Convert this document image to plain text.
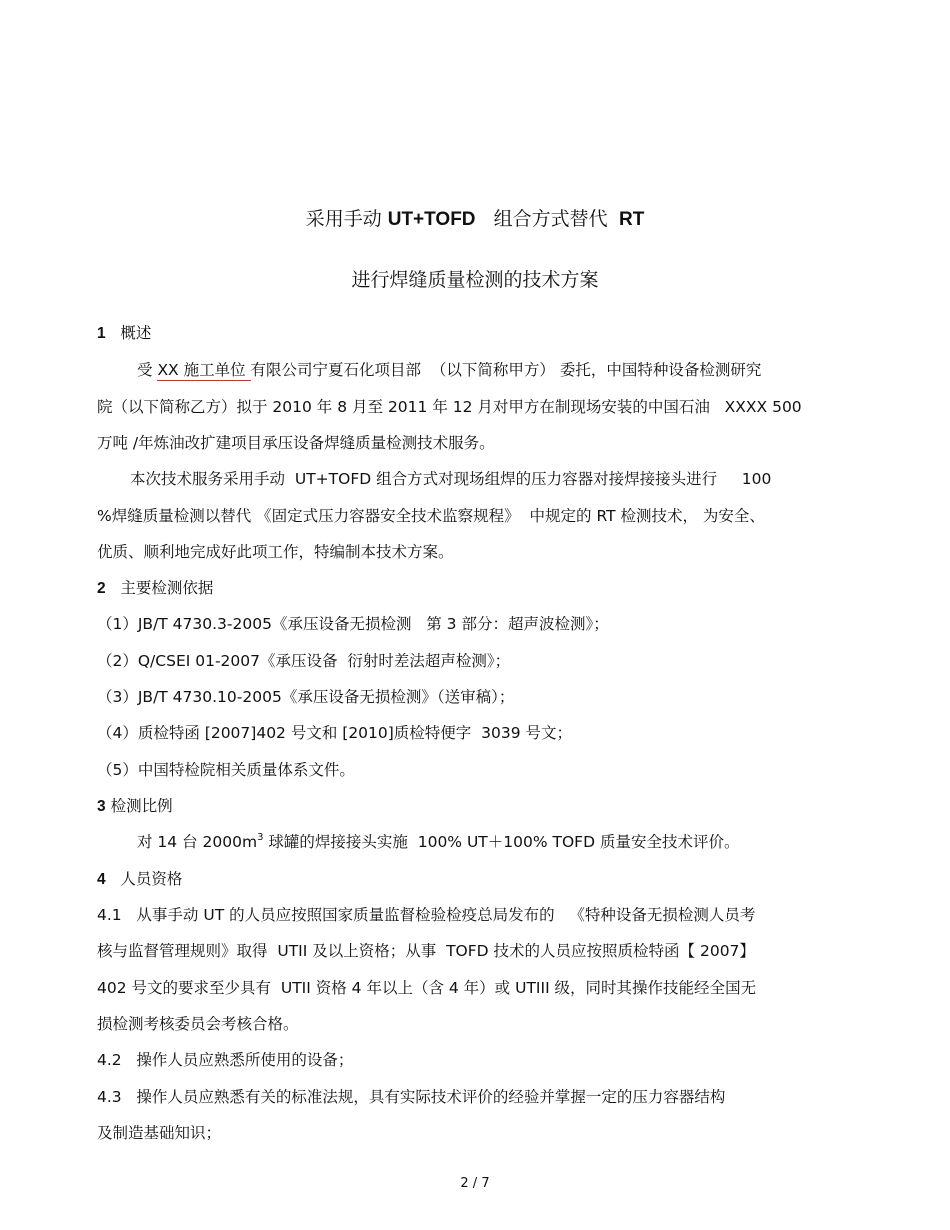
采用手动 UT+TOFD   组合方式替代  RT
进行焊缝质量检测的技术方案
1 概述
受 XX 施工单位 有限公司宁夏石化项目部  （以下简称甲方） 委托，中国特种设备检测研究
院（以下简称乙方）拟于 2010 年 8 月至 2011 年 12 月对甲方在制现场安装的中国石油   XXXX 500
万吨 /年炼油改扩建项目承压设备焊缝质量检测技术服务。
本次技术服务采用手动  UT+TOFD 组合方式对现场组焊的压力容器对接焊接接头进行     100
%焊缝质量检测以替代 《固定式压力容器安全技术监察规程》  中规定的 RT 检测技术， 为安全、
优质、顺利地完成好此项工作，特编制本技术方案。
2 主要检测依据
（1）JB/T 4730.3-2005《承压设备无损检测   第 3 部分：超声波检测》；
（2）Q/CSEI 01-2007《承压设备  衍射时差法超声检测》；
（3）JB/T 4730.10-2005《承压设备无损检测》（送审稿）；
（4）质检特函 [2007]402 号文和 [2010]质检特便字  3039 号文；
（5）中国特检院相关质量体系文件。
3 检测比例
对 14 台 $2000m^3$ 球罐的焊接接头实施  100% UT＋100% TOFD 质量安全技术评价。
4 人员资格
4.1   从事手动 UT 的人员应按照国家质量监督检验检疫总局发布的   《特种设备无损检测人员考
核与监督管理规则》取得  UTII 及以上资格；从事  TOFD 技术的人员应按照质检特函【 2007】
402 号文的要求至少具有  UTII 资格 4 年以上（含 4 年）或 UTIII 级，同时其操作技能经全国无
损检测考核委员会考核合格。
4.2   操作人员应熟悉所使用的设备；
4.3   操作人员应熟悉有关的标准法规，具有实际技术评价的经验并掌握一定的压力容器结构
及制造基础知识；
2 / 7
